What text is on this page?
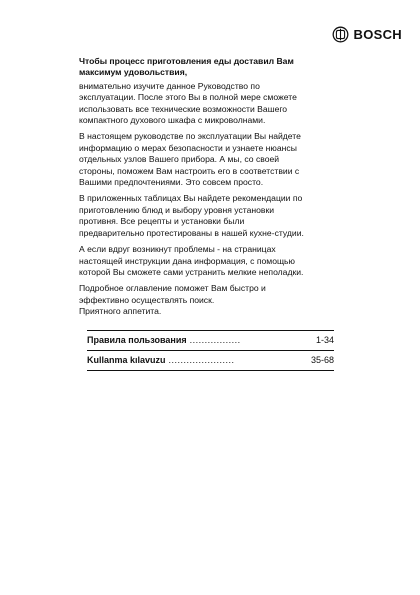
BOSCH

Чтобы процесс приготовления еды доставил Вам
максимум удовольствия,

внимательно изучите данное Руководство по
эксплуатации. После этого Вы в полной мере сможете
использовать все технические возможности Вашего
компактного духового шкафа с микроволнами.

В настоящем руководстве по эксплуатации Вы найдете
информацию о мерах безопасности и узнаете нюансы
отдельных узлов Вашего прибора. А мы, со своей
стороны, поможем Вам настроить его в соответствии с
Вашими предпочтениями. Это совсем просто.

В приложенных таблицах Вы найдете рекомендации по
приготовлению блюд и выбору уровня установки
противня. Все рецепты и установки были
предварительно протестированы в нашей кухне-студии.

А если вдруг возникнут проблемы - на страницах
настоящей инструкции дана информация, с помощью
которой Вы сможете сами устранить мелкие неполадки.

Подробное оглавление поможет Вам быстро и
эффективно осуществлять поиск.

Приятного аппетита.

Правила пользования .................	1-34
Kullanma kılavuzu ......................	35-68
